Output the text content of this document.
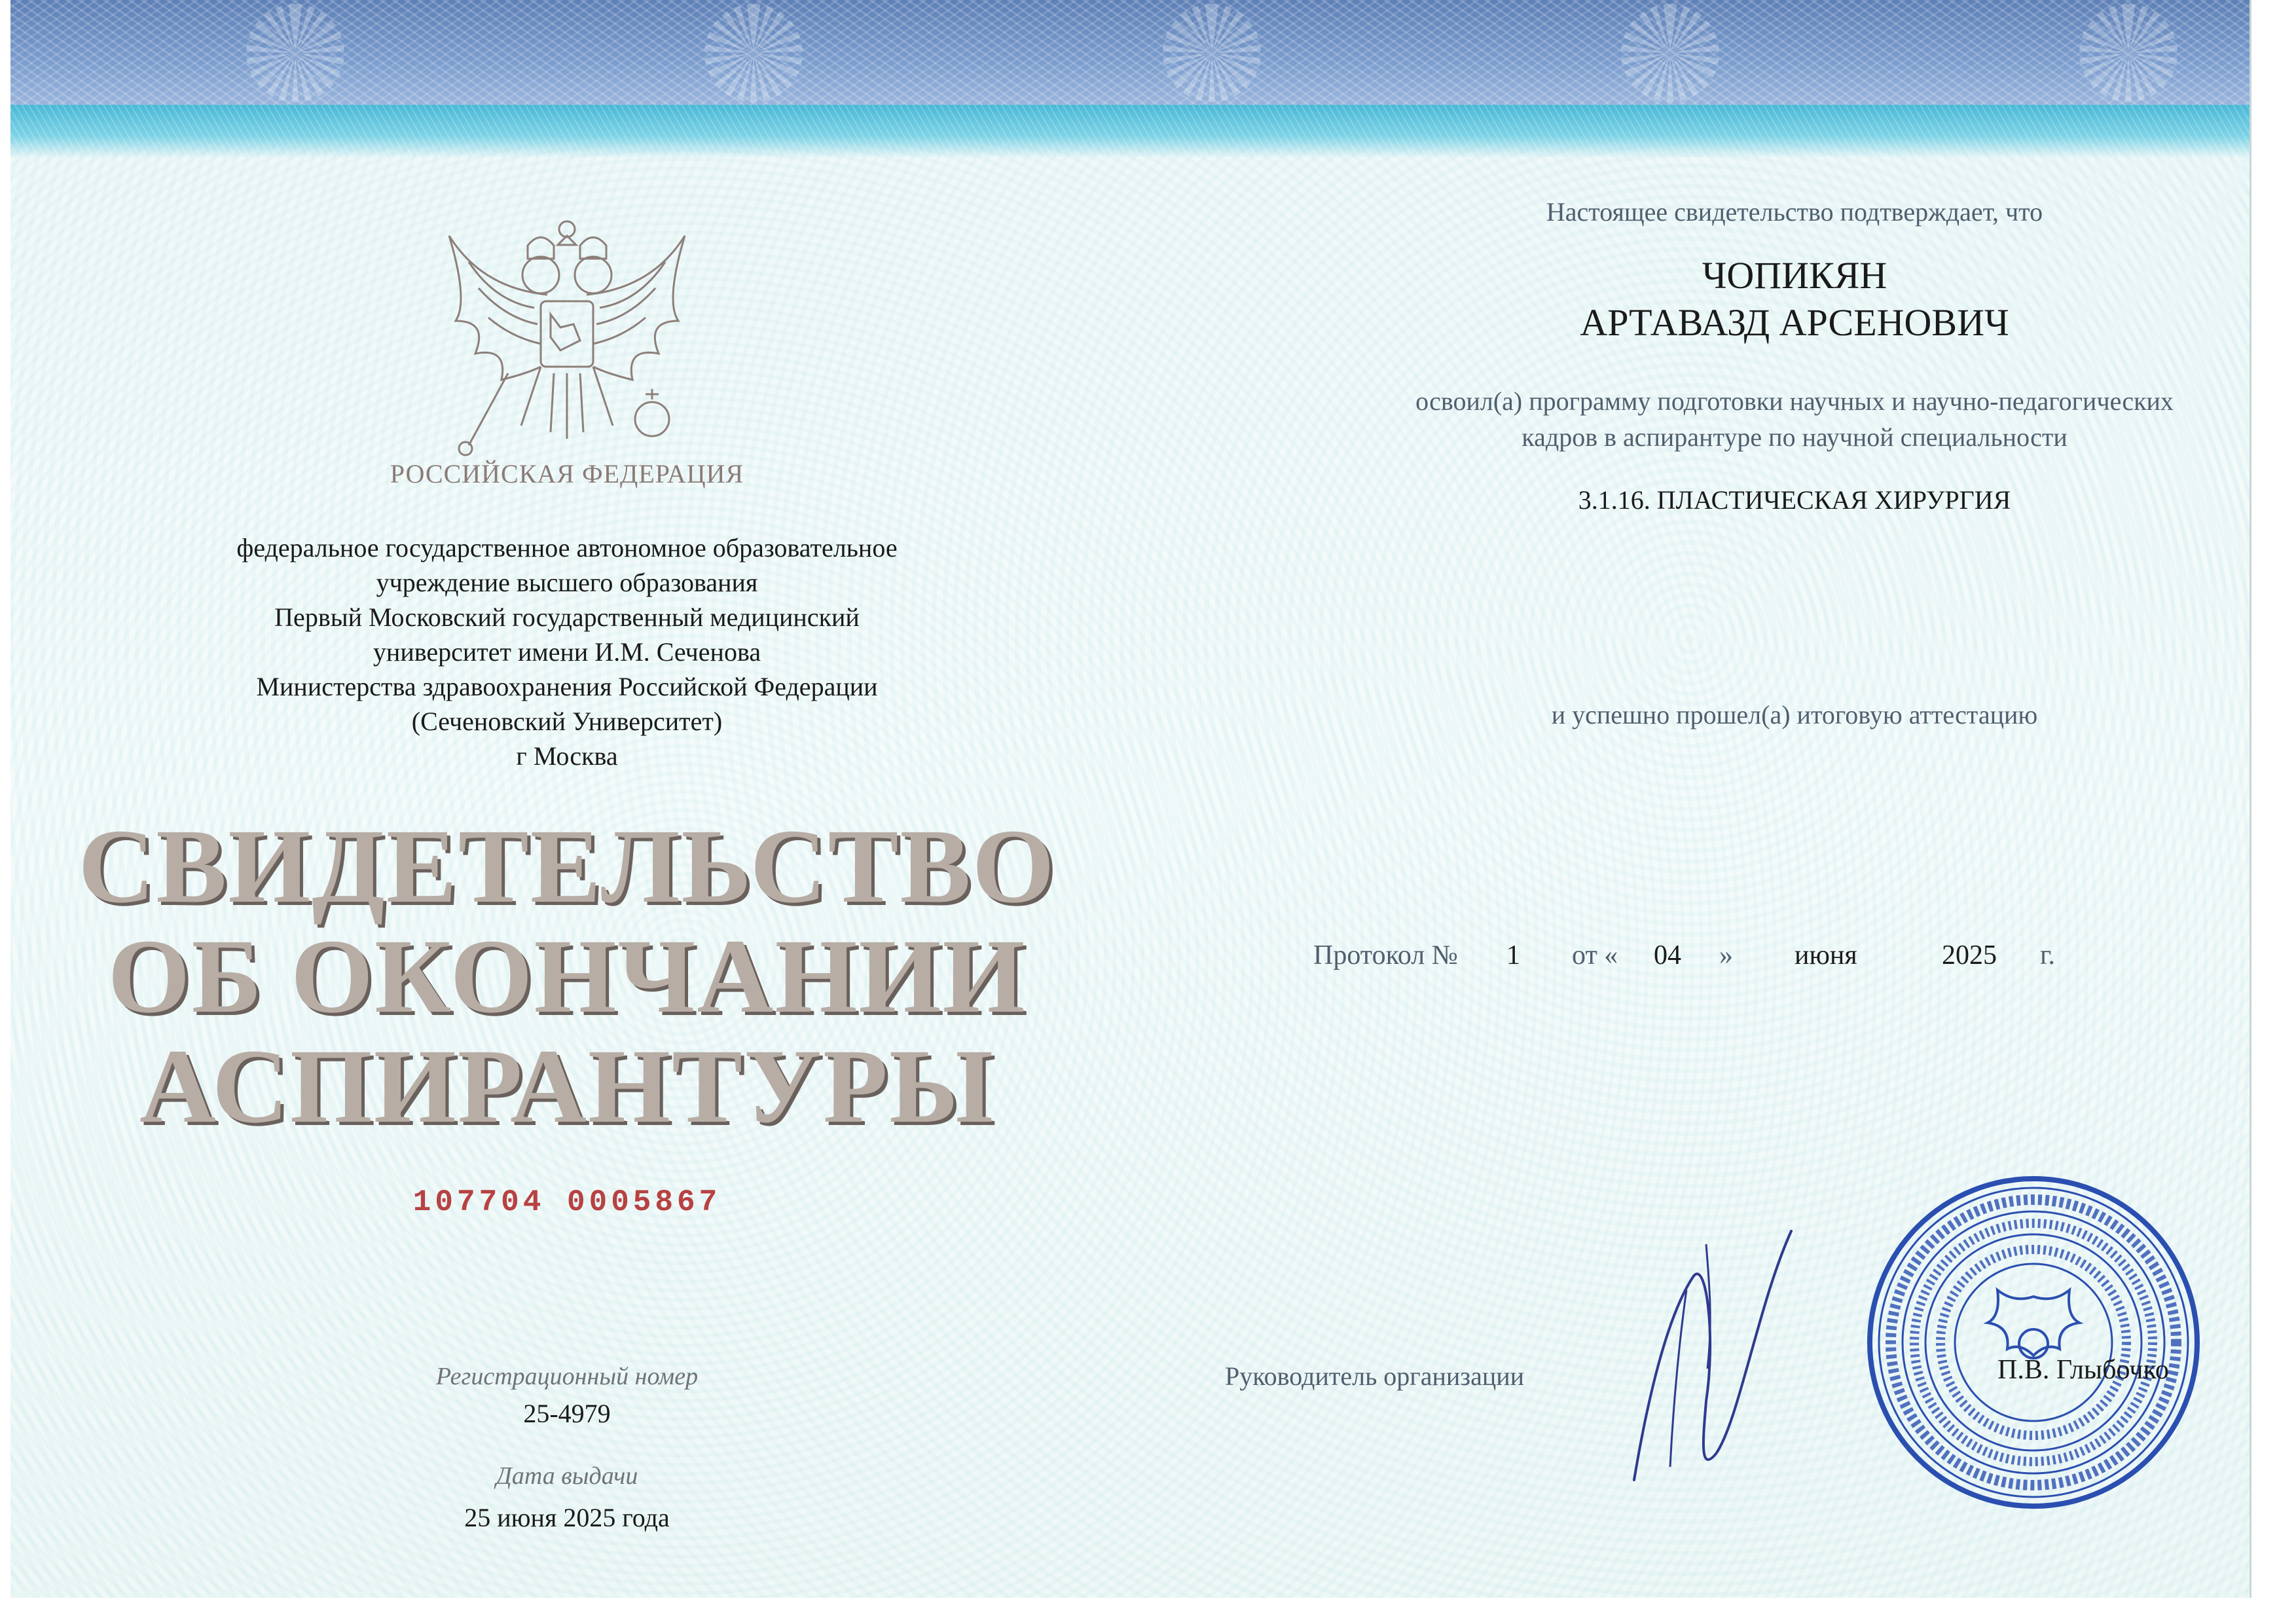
РОССИЙСКАЯ ФЕДЕРАЦИЯ
федеральное государственное автономное образовательное
учреждение высшего образования
Первый Московский государственный медицинский
университет имени И.М. Сеченова
Министерства здравоохранения Российской Федерации
(Сеченовский Университет)
г Москва
СВИДЕТЕЛЬСТВО
ОБ ОКОНЧАНИИ
АСПИРАНТУРЫ
107704 0005867
Регистрационный номер
25-4979
Дата выдачи
25 июня 2025 года
Настоящее свидетельство подтверждает, что
ЧОПИКЯН
АРТАВАЗД АРСЕНОВИЧ
освоил(а) программу подготовки научных и научно-педагогических
кадров в аспирантуре по научной специальности
3.1.16. ПЛАСТИЧЕСКАЯ ХИРУРГИЯ
и успешно прошел(а) итоговую аттестацию
Протокол № 1 от « 04 » июня	2025 г.
Руководитель организации	П.В. Глыбочко
